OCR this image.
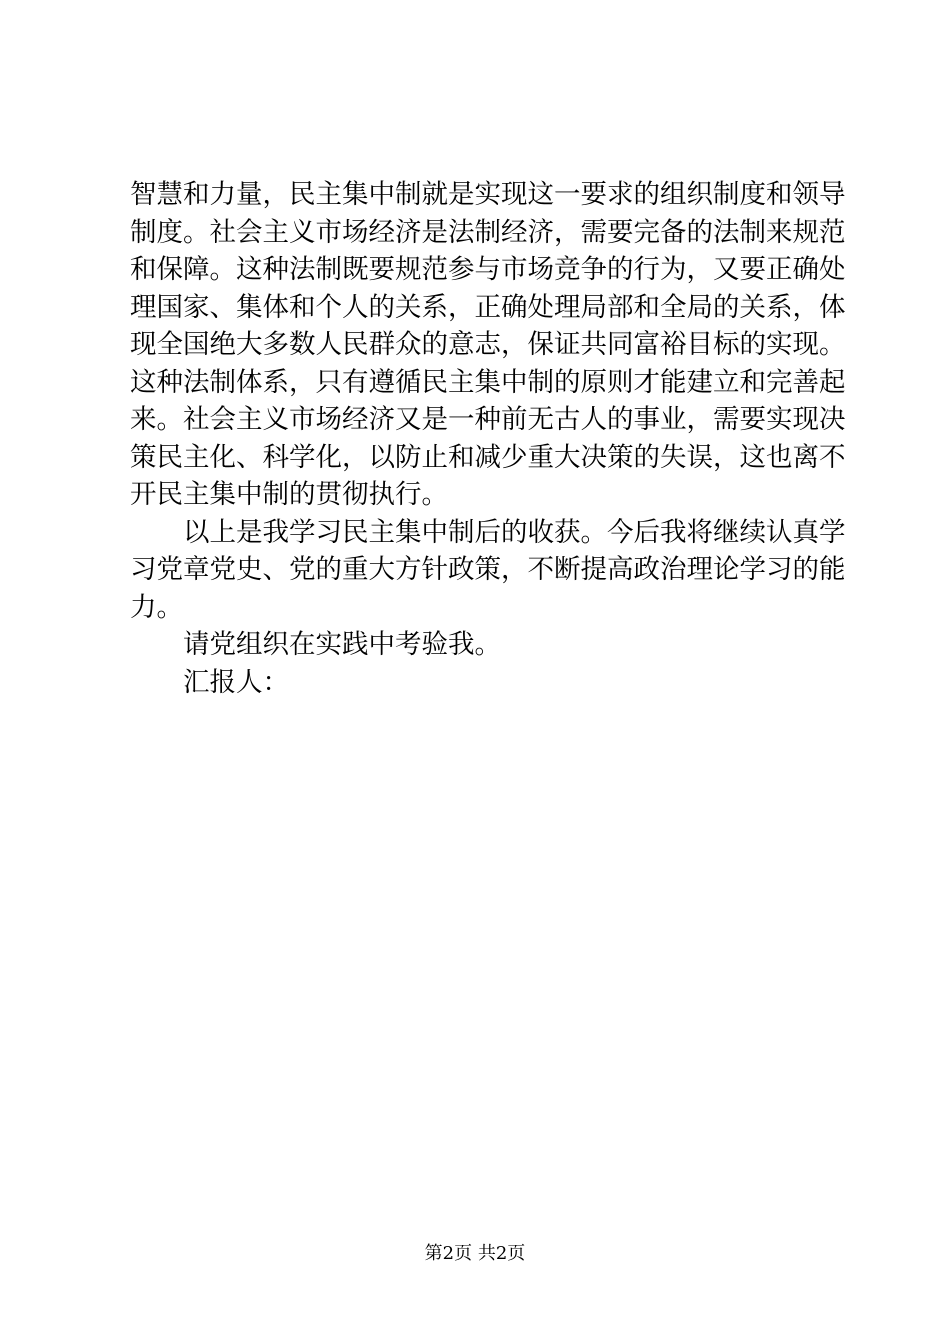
智慧和力量，民主集中制就是实现这一要求的组织制度和领导
制度。社会主义市场经济是法制经济，需要完备的法制来规范
和保障。这种法制既要规范参与市场竞争的行为，又要正确处
理国家、集体和个人的关系，正确处理局部和全局的关系，体
现全国绝大多数人民群众的意志，保证共同富裕目标的实现。
这种法制体系，只有遵循民主集中制的原则才能建立和完善起
来。社会主义市场经济又是一种前无古人的事业，需要实现决
策民主化、科学化，以防止和减少重大决策的失误，这也离不
开民主集中制的贯彻执行。
以上是我学习民主集中制后的收获。今后我将继续认真学
习党章党史、党的重大方针政策，不断提高政治理论学习的能
力。
请党组织在实践中考验我。
汇报人：
第2页 共2页
